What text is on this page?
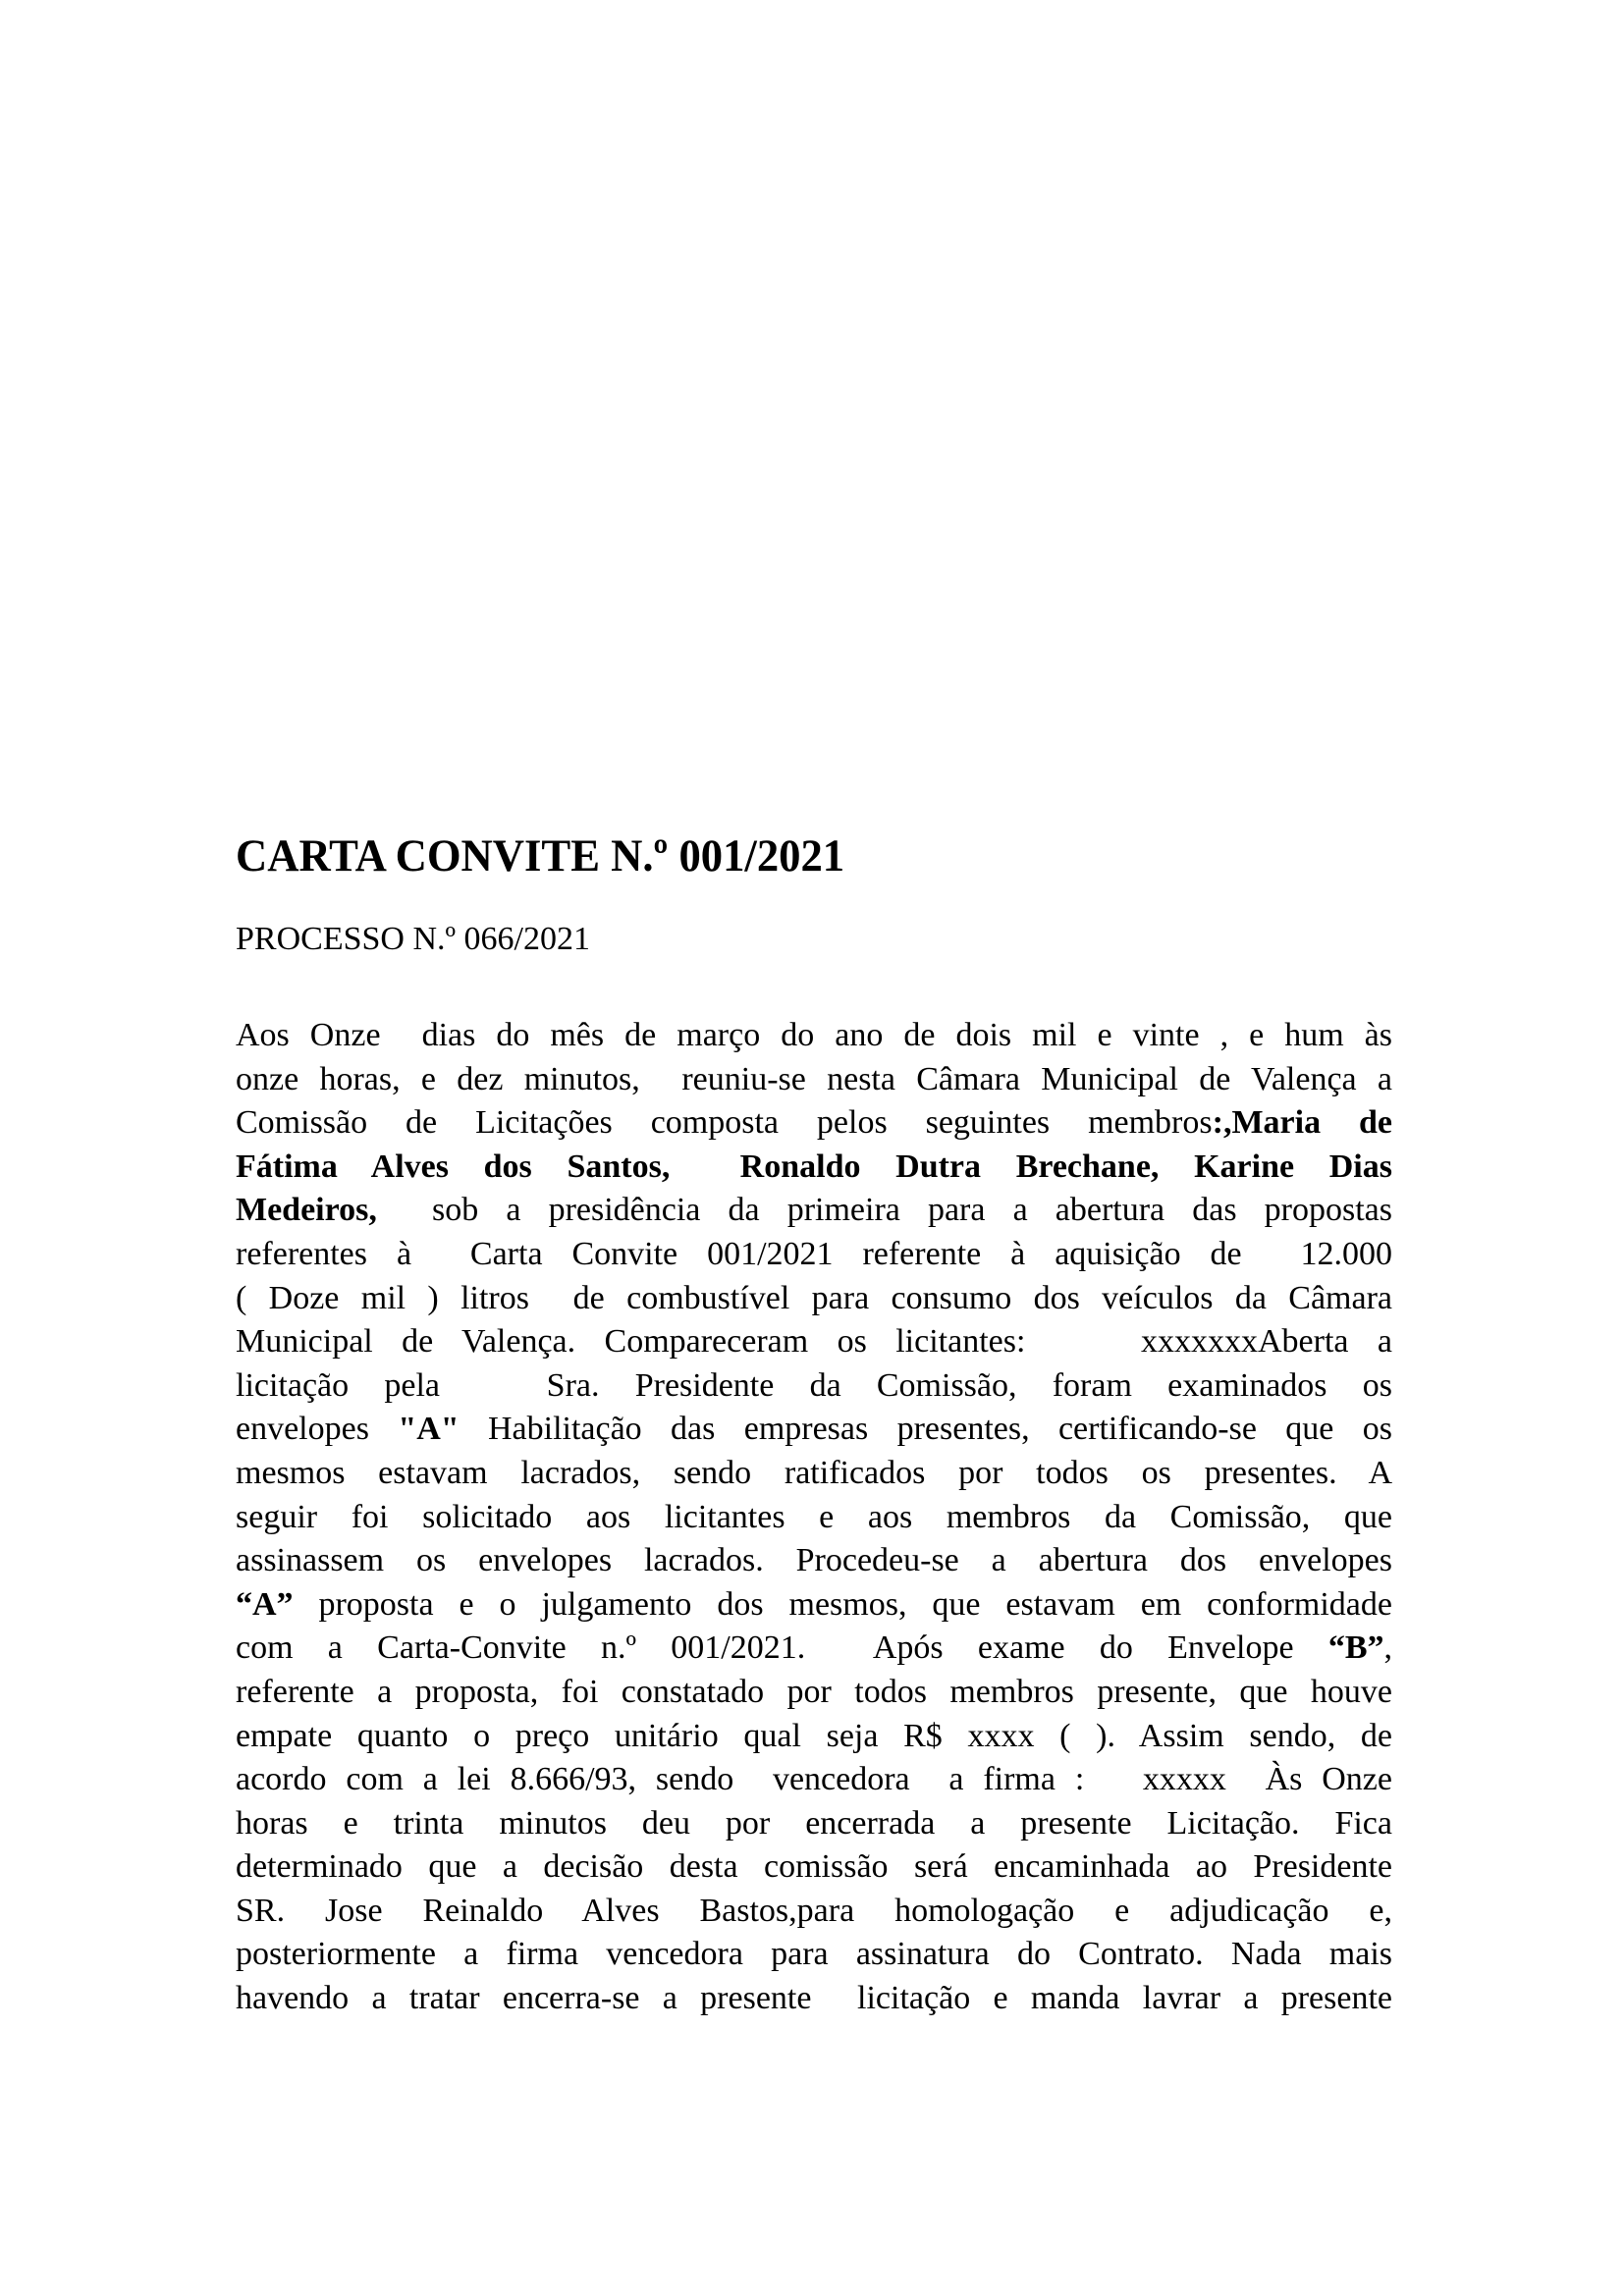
CARTA CONVITE N.º 001/2021

PROCESSO N.º 066/2021

Aos Onze  dias do mês de março do ano de dois mil e vinte , e hum às
onze horas, e dez minutos,  reuniu-se nesta Câmara Municipal de Valença a
Comissão de Licitações composta pelos seguintes membros:,Maria de
Fátima Alves dos Santos,  Ronaldo Dutra Brechane, Karine Dias
Medeiros,  sob a presidência da primeira para a abertura das propostas
referentes à  Carta Convite 001/2021 referente à aquisição de  12.000
( Doze mil ) litros  de combustível para consumo dos veículos da Câmara
Municipal de Valença. Compareceram os licitantes:    xxxxxxxAberta a
licitação pela   Sra. Presidente da Comissão, foram examinados os
envelopes "A" Habilitação das empresas presentes, certificando-se que os
mesmos estavam lacrados, sendo ratificados por todos os presentes. A
seguir foi solicitado aos licitantes e aos membros da Comissão, que
assinassem os envelopes lacrados. Procedeu-se a abertura dos envelopes
“A” proposta e o julgamento dos mesmos, que estavam em conformidade
com a Carta-Convite n.º 001/2021.  Após exame do Envelope “B”,
referente a proposta, foi constatado por todos membros presente, que houve
empate quanto o preço unitário qual seja R$ xxxx ( ). Assim sendo, de
acordo com a lei 8.666/93, sendo  vencedora  a firma :   xxxxx  Às Onze
horas e trinta minutos deu por encerrada a presente Licitação. Fica
determinado que a decisão desta comissão será encaminhada ao Presidente
SR. Jose Reinaldo Alves Bastos,para homologação e adjudicação e,
posteriormente a firma vencedora para assinatura do Contrato. Nada mais
havendo a tratar encerra-se a presente  licitação e manda lavrar a presente
